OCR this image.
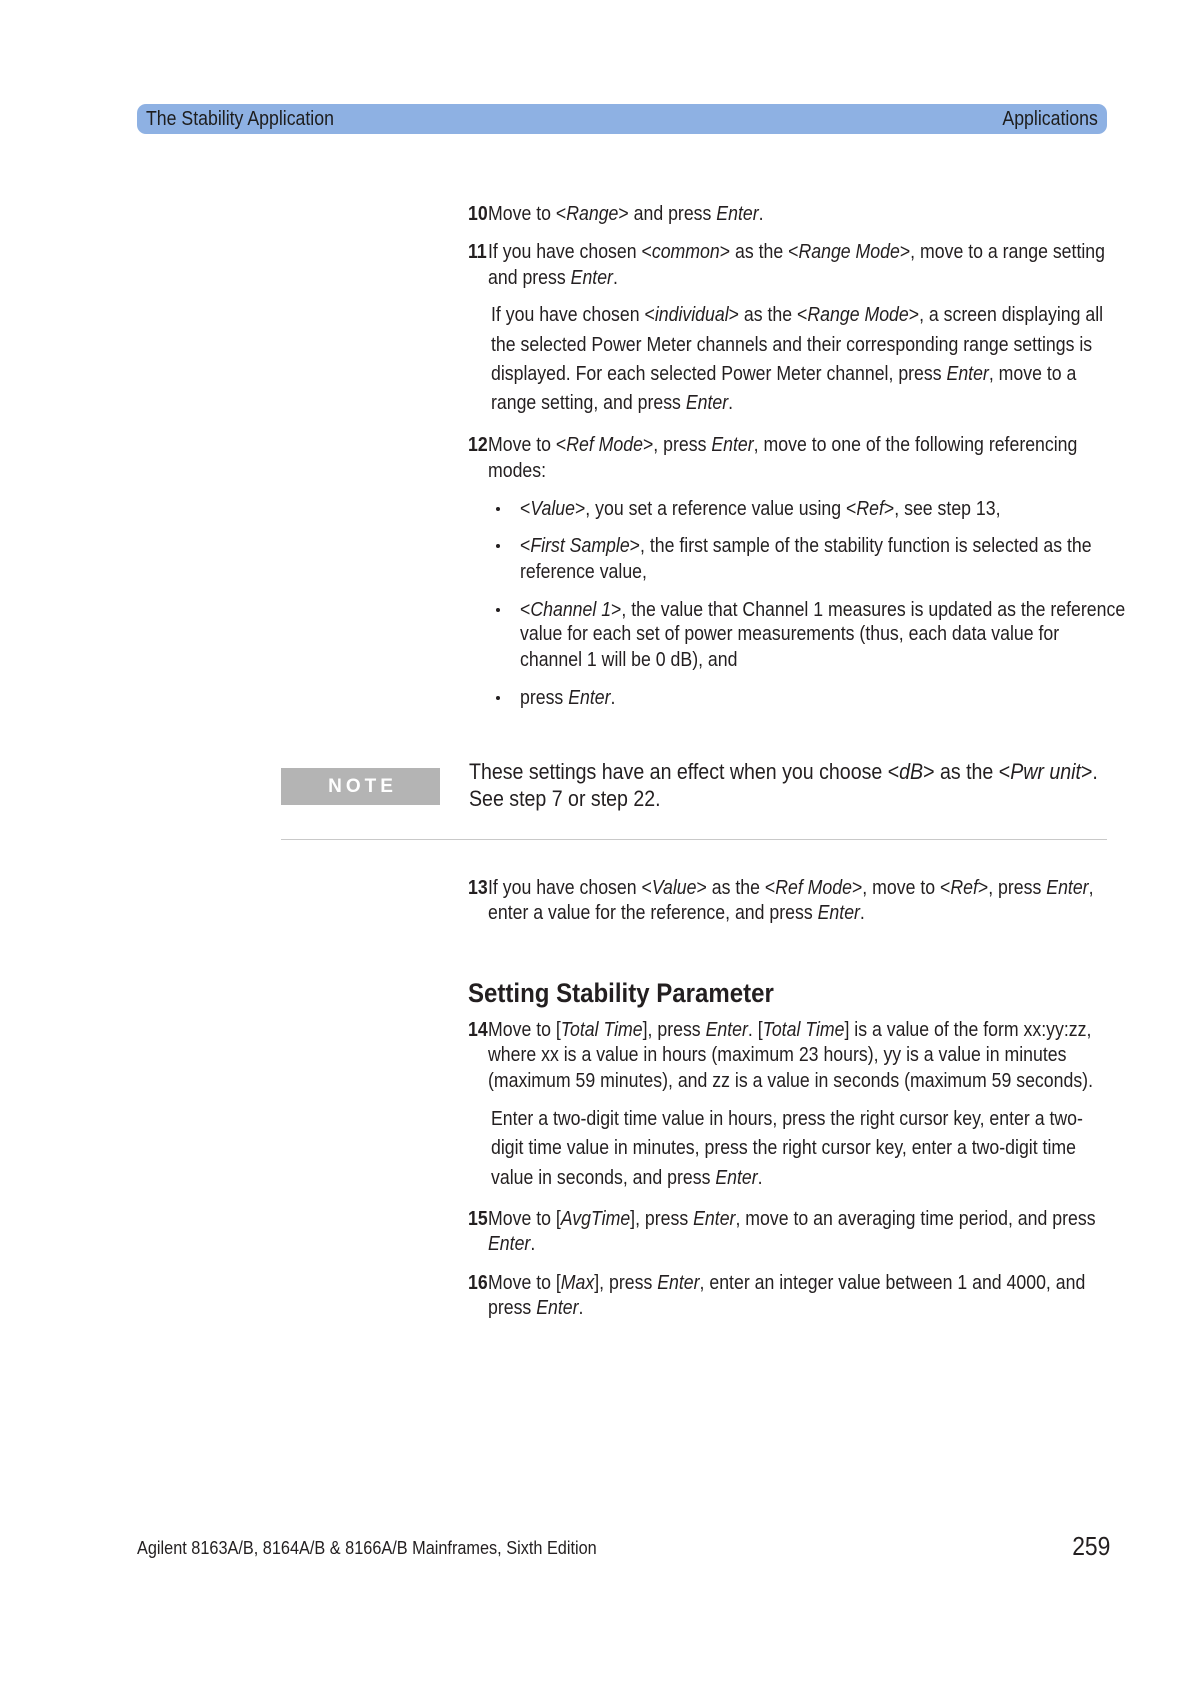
The Stability Application	Applications
10 Move to <Range> and press Enter.
11 If you have chosen <common> as the <Range Mode>, move to a range setting
and press Enter.
If you have chosen <individual> as the <Range Mode>, a screen displaying all
the selected Power Meter channels and their corresponding range settings is
displayed. For each selected Power Meter channel, press Enter, move to a
range setting, and press Enter.
12 Move to <Ref Mode>, press Enter, move to one of the following referencing
modes:
<Value>, you set a reference value using <Ref>, see step 13,
<First Sample>, the first sample of the stability function is selected as the
reference value,
<Channel 1>, the value that Channel 1 measures is updated as the reference
value for each set of power measurements (thus, each data value for
channel 1 will be 0 dB), and
press Enter.
NOTE
These settings have an effect when you choose <dB> as the <Pwr unit>.
See step 7 or step 22.
13 If you have chosen <Value> as the <Ref Mode>, move to <Ref>, press Enter,
enter a value for the reference, and press Enter.
Setting Stability Parameter
14 Move to [Total Time], press Enter. [Total Time] is a value of the form xx:yy:zz,
where xx is a value in hours (maximum 23 hours), yy is a value in minutes
(maximum 59 minutes), and zz is a value in seconds (maximum 59 seconds).
Enter a two-digit time value in hours, press the right cursor key, enter a two-
digit time value in minutes, press the right cursor key, enter a two-digit time
value in seconds, and press Enter.
15 Move to [AvgTime], press Enter, move to an averaging time period, and press
Enter.
16 Move to [Max], press Enter, enter an integer value between 1 and 4000, and
press Enter.
Agilent 8163A/B, 8164A/B & 8166A/B Mainframes, Sixth Edition	259
